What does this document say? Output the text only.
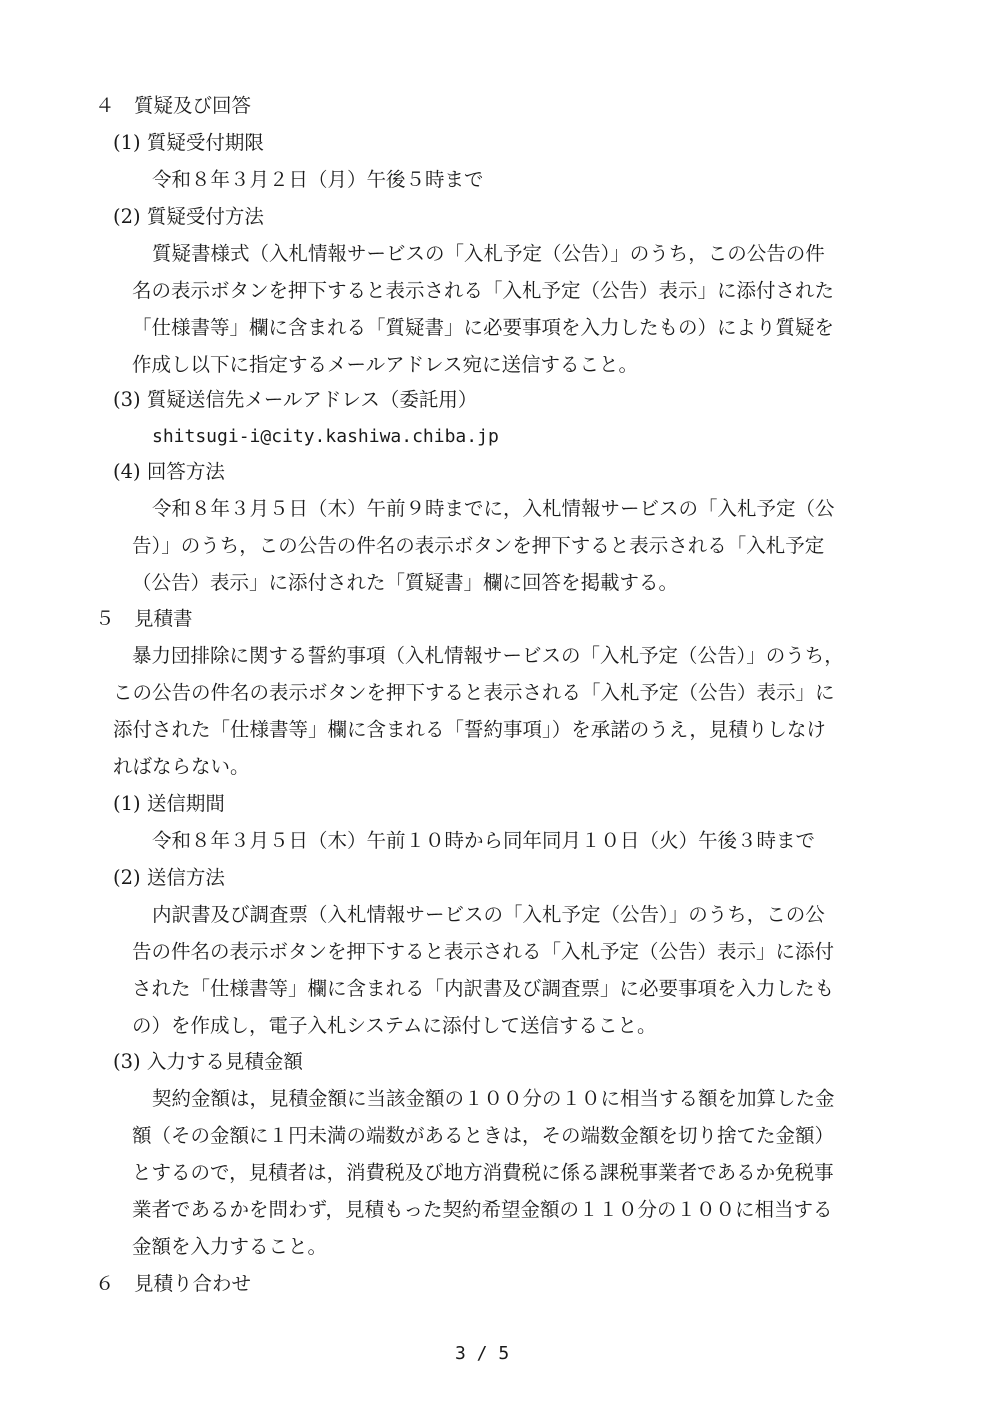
４　質疑及び回答
(1) 質疑受付期限
令和８年３月２日（月）午後５時まで
(2) 質疑受付方法
質疑書様式（入札情報サービスの「入札予定（公告）」のうち，この公告の件
名の表示ボタンを押下すると表示される「入札予定（公告）表示」に添付された
「仕様書等」欄に含まれる「質疑書」に必要事項を入力したもの）により質疑を
作成し以下に指定するメールアドレス宛に送信すること。
(3) 質疑送信先メールアドレス（委託用）
shitsugi-i@city.kashiwa.chiba.jp
(4) 回答方法
令和８年３月５日（木）午前９時までに，入札情報サービスの「入札予定（公
告）」のうち，この公告の件名の表示ボタンを押下すると表示される「入札予定
（公告）表示」に添付された「質疑書」欄に回答を掲載する。
５　見積書
暴力団排除に関する誓約事項（入札情報サービスの「入札予定（公告）」のうち，
この公告の件名の表示ボタンを押下すると表示される「入札予定（公告）表示」に
添付された「仕様書等」欄に含まれる「誓約事項」）を承諾のうえ，見積りしなけ
ればならない。
(1) 送信期間
令和８年３月５日（木）午前１０時から同年同月１０日（火）午後３時まで
(2) 送信方法
内訳書及び調査票（入札情報サービスの「入札予定（公告）」のうち，この公
告の件名の表示ボタンを押下すると表示される「入札予定（公告）表示」に添付
された「仕様書等」欄に含まれる「内訳書及び調査票」に必要事項を入力したも
の）を作成し，電子入札システムに添付して送信すること。
(3) 入力する見積金額
契約金額は，見積金額に当該金額の１００分の１０に相当する額を加算した金
額（その金額に１円未満の端数があるときは，その端数金額を切り捨てた金額）
とするので，見積者は，消費税及び地方消費税に係る課税事業者であるか免税事
業者であるかを問わず，見積もった契約希望金額の１１０分の１００に相当する
金額を入力すること。
６　見積り合わせ
3 / 5
